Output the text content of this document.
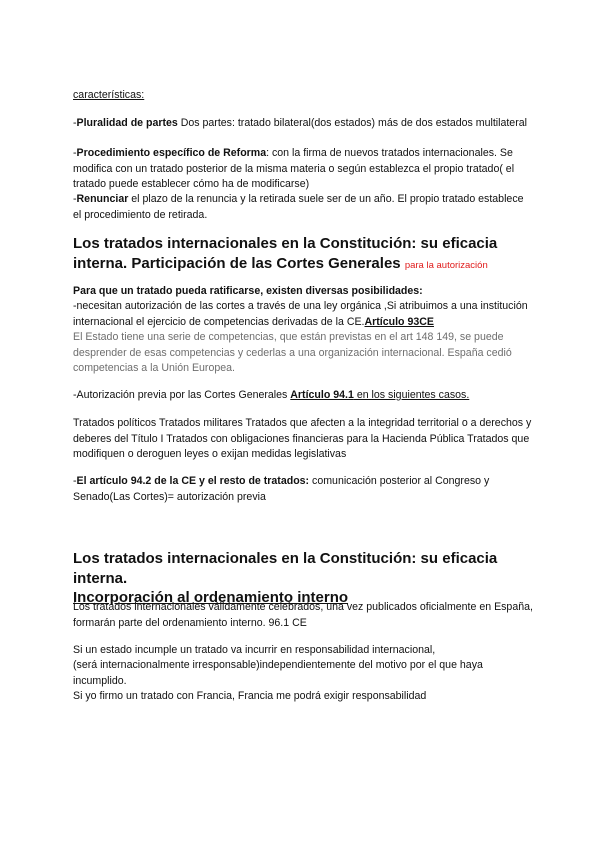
características:
-Pluralidad de partes Dos partes: tratado bilateral(dos estados) más de dos estados multilateral
-Procedimiento específico de Reforma: con la firma de nuevos tratados internacionales. Se modifica con un tratado posterior de la misma materia o según establezca el propio tratado( el tratado puede establecer cómo ha de modificarse)
-Renunciar el plazo de la renuncia y la retirada suele ser de un año. El propio tratado establece el procedimiento de retirada.
Los tratados internacionales en la Constitución: su eficacia interna. Participación de las Cortes Generales para la autorización
Para que un tratado pueda ratificarse, existen diversas posibilidades:
-necesitan autorización de las cortes a través de una ley orgánica ,Si atribuimos a una institución internacional el ejercicio de competencias derivadas de la CE.Artículo 93CE
El Estado tiene una serie de competencias, que están previstas en el art 148 149, se puede desprender de esas competencias y cederlas a una organización internacional. España cedió competencias a la Unión Europea.
-Autorización previa por las Cortes Generales Artículo 94.1 en los siguientes casos.
Tratados políticos Tratados militares Tratados que afecten a la integridad territorial o a derechos y deberes del Título I Tratados con obligaciones financieras para la Hacienda Pública Tratados que modifiquen o deroguen leyes o exijan medidas legislativas
-El artículo 94.2 de la CE y el resto de tratados: comunicación posterior al Congreso y Senado(Las Cortes)= autorización previa
Los tratados internacionales en la Constitución: su eficacia interna.
Incorporación al ordenamiento interno
Los tratados internacionales válidamente celebrados, una vez publicados oficialmente en España, formarán parte del ordenamiento interno. 96.1 CE
Si un estado incumple un tratado va incurrir en responsabilidad internacional,
(será internacionalmente irresponsable)independientemente del motivo por el que haya incumplido.
Si yo firmo un tratado con Francia, Francia me podrá exigir responsabilidad
